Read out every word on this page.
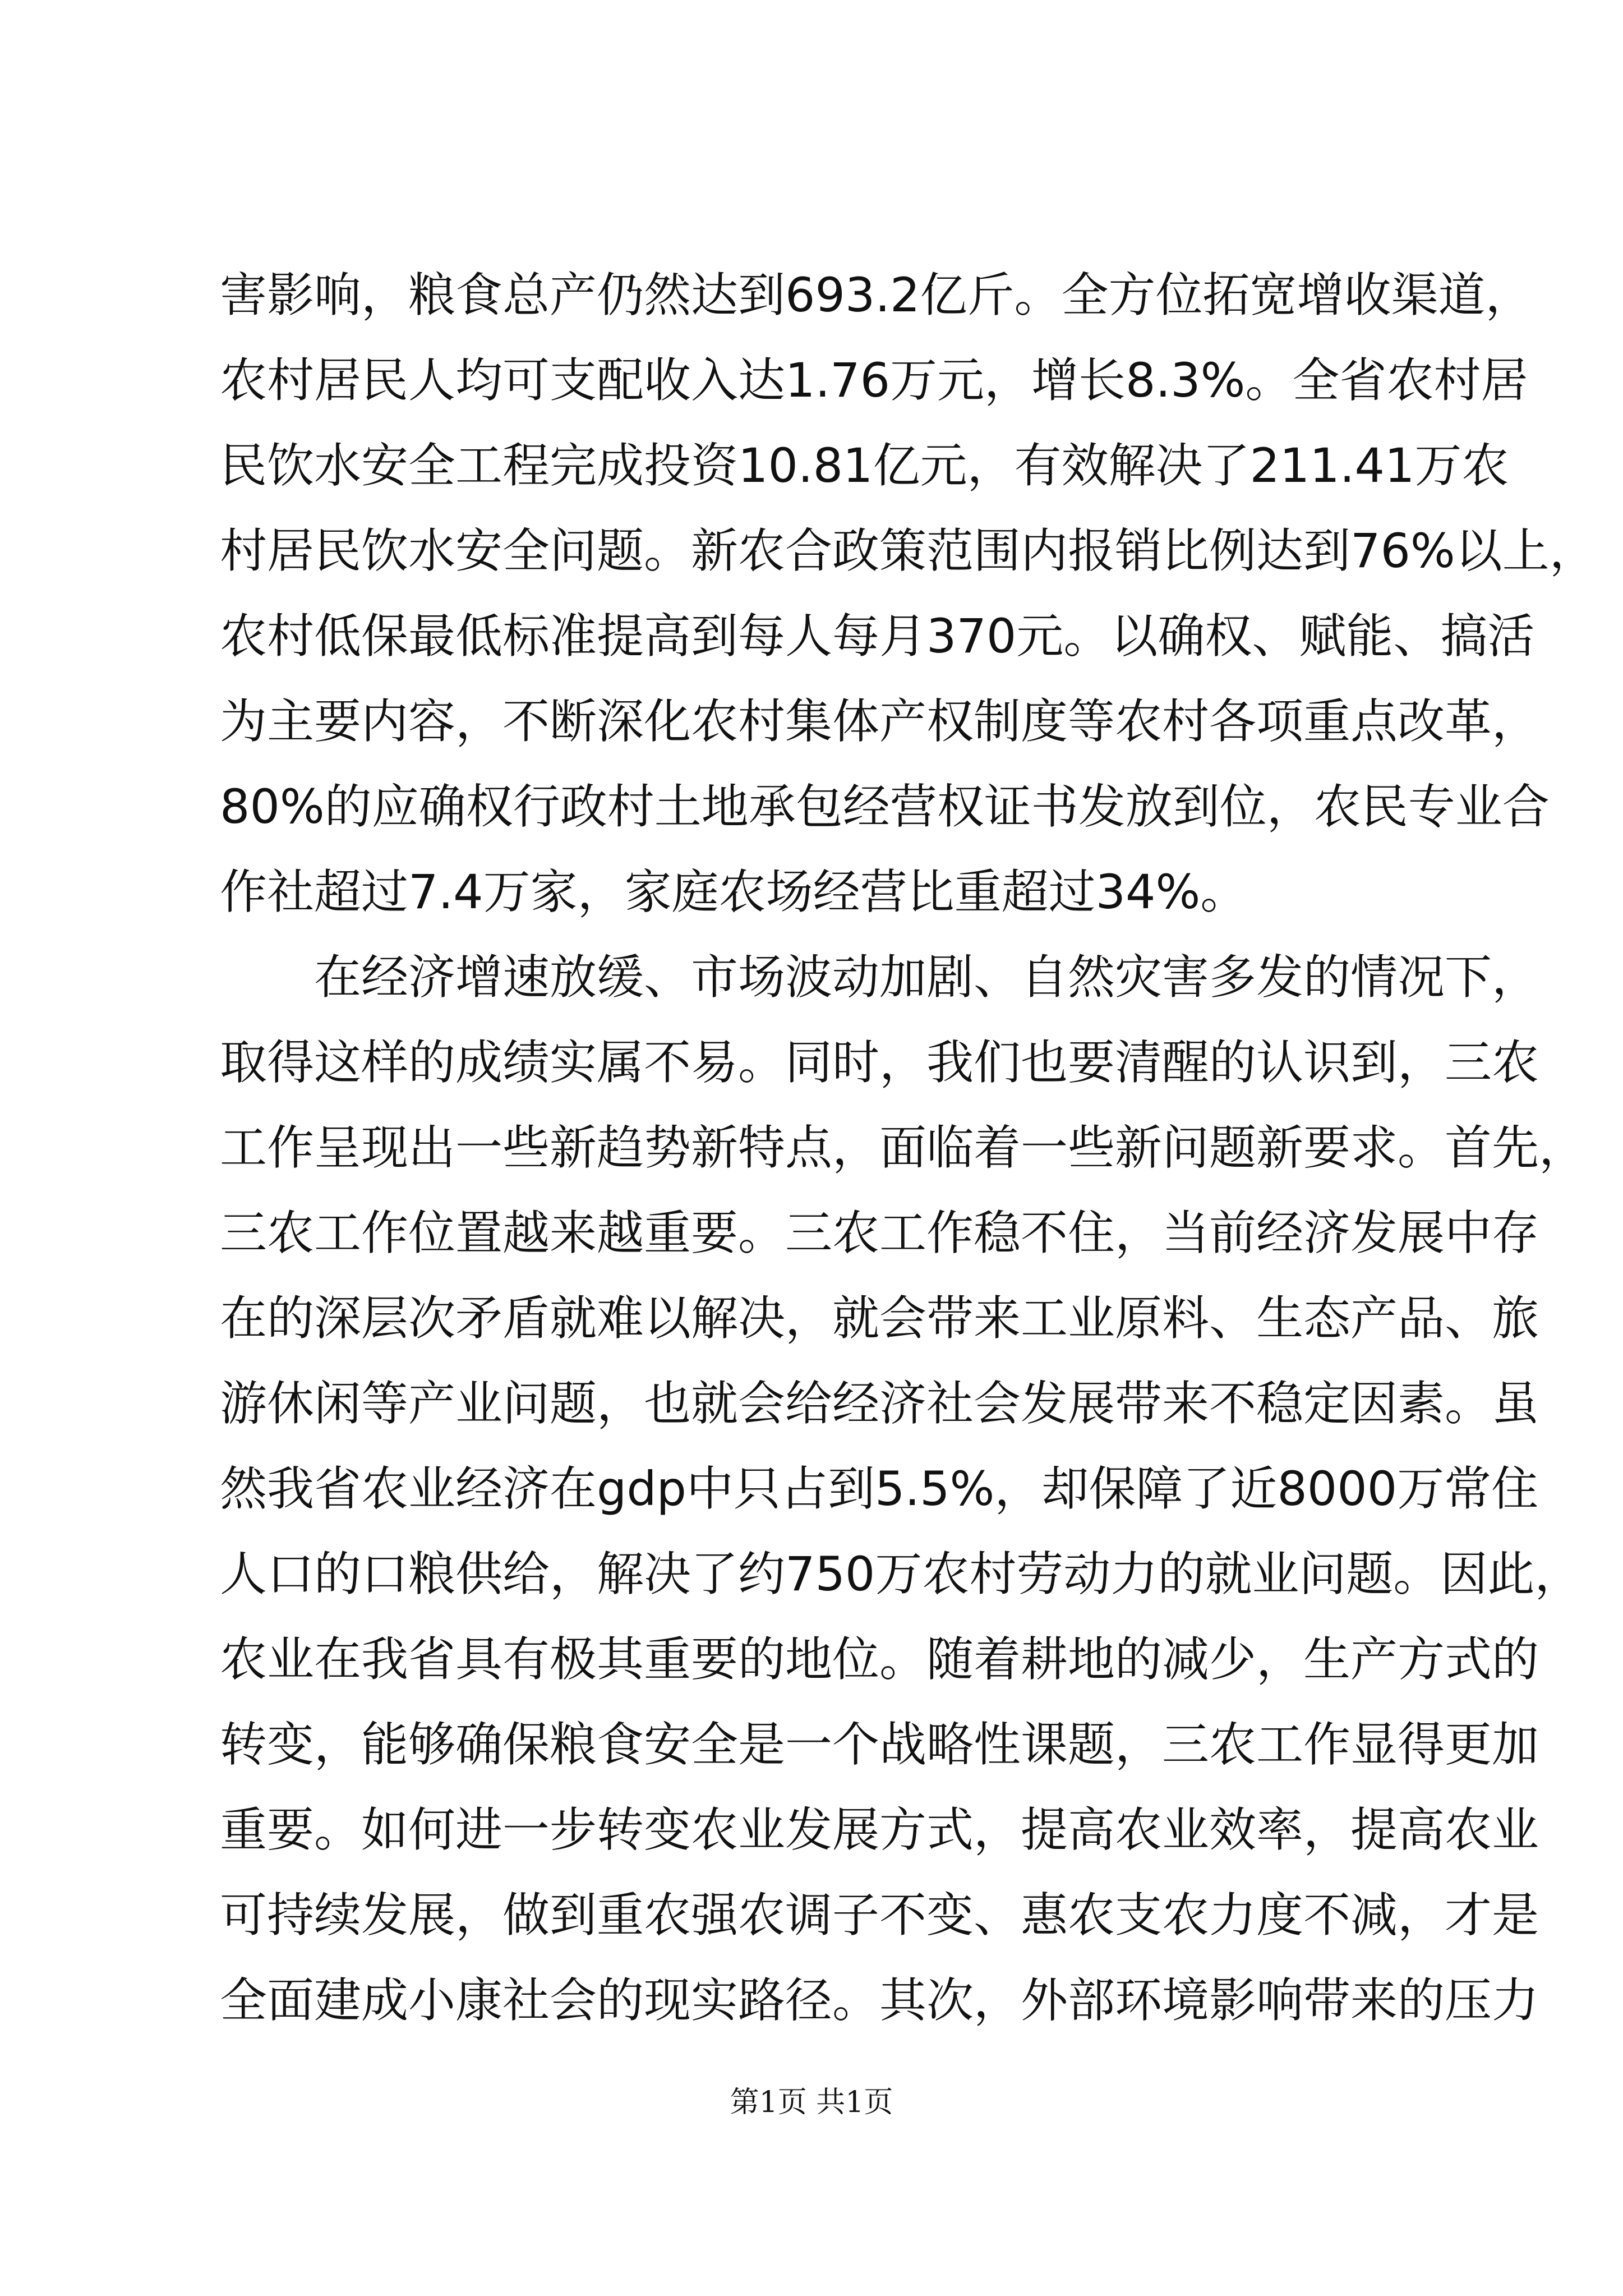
害影响，粮食总产仍然达到693.2亿斤。全方位拓宽增收渠道，
农村居民人均可支配收入达1.76万元，增长8.3%。全省农村居
民饮水安全工程完成投资10.81亿元，有效解决了211.41万农
村居民饮水安全问题。新农合政策范围内报销比例达到76%以上，
农村低保最低标准提高到每人每月370元。以确权、赋能、搞活
为主要内容，不断深化农村集体产权制度等农村各项重点改革，
80%的应确权行政村土地承包经营权证书发放到位，农民专业合
作社超过7.4万家，家庭农场经营比重超过34%。
在经济增速放缓、市场波动加剧、自然灾害多发的情况下，
取得这样的成绩实属不易。同时，我们也要清醒的认识到，三农
工作呈现出一些新趋势新特点，面临着一些新问题新要求。首先，
三农工作位置越来越重要。三农工作稳不住，当前经济发展中存
在的深层次矛盾就难以解决，就会带来工业原料、生态产品、旅
游休闲等产业问题，也就会给经济社会发展带来不稳定因素。虽
然我省农业经济在gdp中只占到5.5%，却保障了近8000万常住
人口的口粮供给，解决了约750万农村劳动力的就业问题。因此，
农业在我省具有极其重要的地位。随着耕地的减少，生产方式的
转变，能够确保粮食安全是一个战略性课题，三农工作显得更加
重要。如何进一步转变农业发展方式，提高农业效率，提高农业
可持续发展，做到重农强农调子不变、惠农支农力度不减，才是
全面建成小康社会的现实路径。其次，外部环境影响带来的压力
第1页 共1页
